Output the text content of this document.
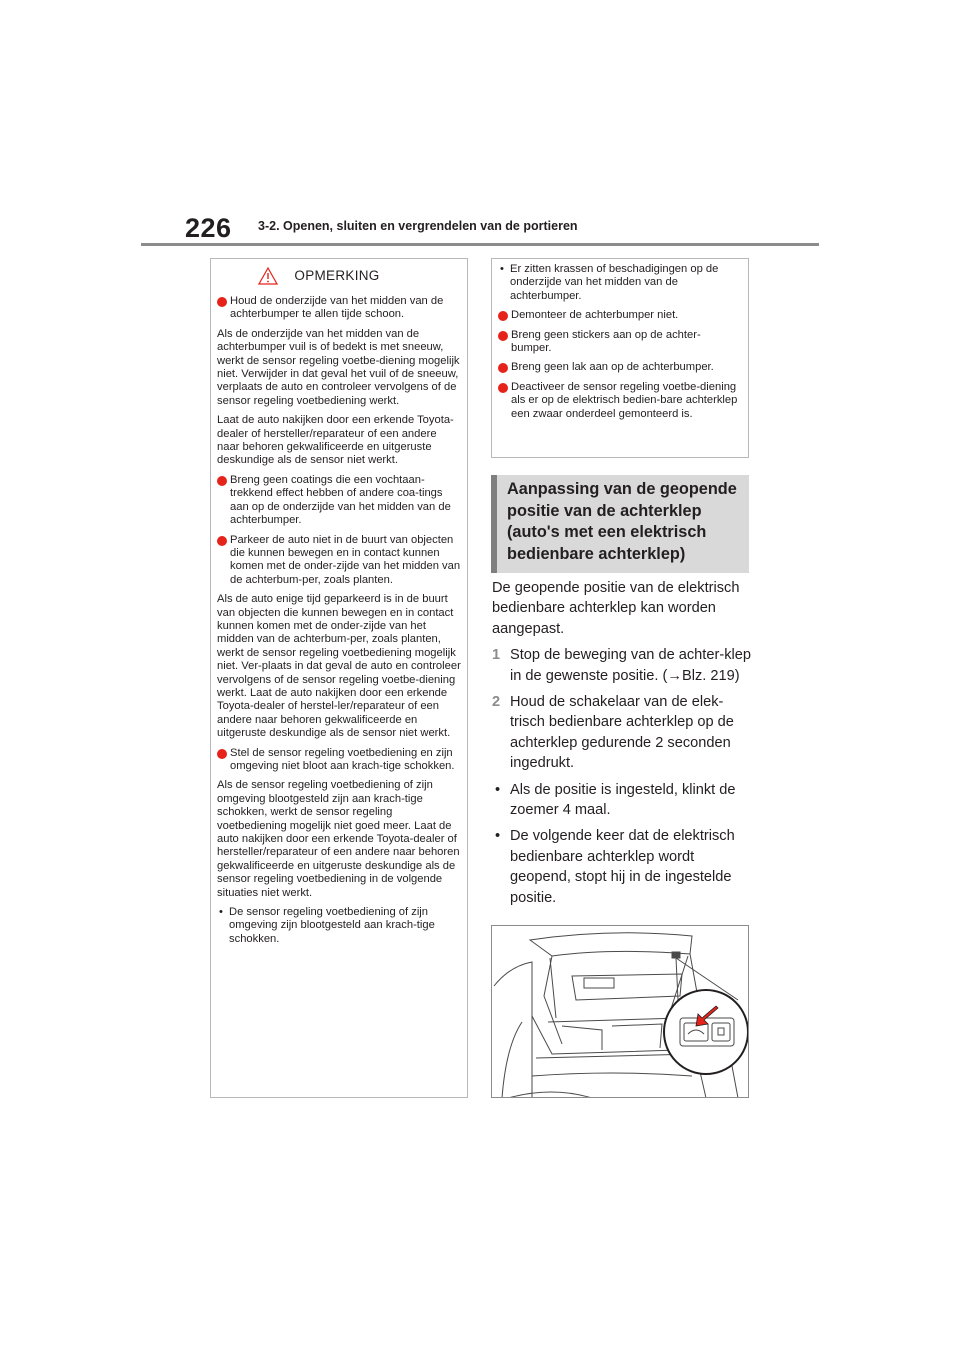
226 3-2. Openen, sluiten en vergrendelen van de portieren
OPMERKING
Houd de onderzijde van het midden van de achterbumper te allen tijde schoon.

Als de onderzijde van het midden van de achterbumper vuil is of bedekt is met sneeuw, werkt de sensor regeling voetbe-diening mogelijk niet. Verwijder in dat geval het vuil of de sneeuw, verplaats de auto en controleer vervolgens of de sensor regeling voetbediening werkt.

Laat de auto nakijken door een erkende Toyota-dealer of hersteller/reparateur of een andere naar behoren gekwalificeerde en uitgeruste deskundige als de sensor niet werkt.

Breng geen coatings die een vochtaan-trekkend effect hebben of andere coa-tings aan op de onderzijde van het midden van de achterbumper.
Parkeer de auto niet in de buurt van objecten die kunnen bewegen en in contact kunnen komen met de onder-zijde van het midden van de achterbum-per, zoals planten.

Als de auto enige tijd geparkeerd is in de buurt van objecten die kunnen bewegen en in contact kunnen komen met de onder-zijde van het midden van de achterbum-per, zoals planten, werkt de sensor regeling voetbediening mogelijk niet. Ver-plaats in dat geval de auto en controleer vervolgens of de sensor regeling voetbe-diening werkt. Laat de auto nakijken door een erkende Toyota-dealer of herstel-ler/reparateur of een andere naar behoren gekwalificeerde en uitgeruste deskundige als de sensor niet werkt.

Stel de sensor regeling voetbediening en zijn omgeving niet bloot aan krach-tige schokken.

Als de sensor regeling voetbediening of zijn omgeving blootgesteld zijn aan krach-tige schokken, werkt de sensor regeling voetbediening mogelijk niet goed meer. Laat de auto nakijken door een erkende Toyota-dealer of hersteller/reparateur of een andere naar behoren gekwalificeerde en uitgeruste deskundige als de sensor regeling voetbediening in de volgende situaties niet werkt.

• De sensor regeling voetbediening of zijn omgeving zijn blootgesteld aan krach-tige schokken.
• Er zitten krassen of beschadigingen op de onderzijde van het midden van de achterbumper.
Demonteer de achterbumper niet.
Breng geen stickers aan op de achter-bumper.
Breng geen lak aan op de achterbumper.
Deactiveer de sensor regeling voetbe-diening als er op de elektrisch bedien-bare achterklep een zwaar onderdeel gemonteerd is.
Aanpassing van de geopende positie van de achterklep (auto's met een elektrisch bedienbare achterklep)

De geopende positie van de elektrisch bedienbare achterklep kan worden aangepast.

1 Stop de beweging van de achter-klep in de gewenste positie. (→Blz. 219)
2 Houd de schakelaar van de elek-trisch bedienbare achterklep op de achterklep gedurende 2 seconden ingedrukt.
• Als de positie is ingesteld, klinkt de zoemer 4 maal.
• De volgende keer dat de elektrisch bedienbare achterklep wordt geopend, stopt hij in de ingestelde positie.
